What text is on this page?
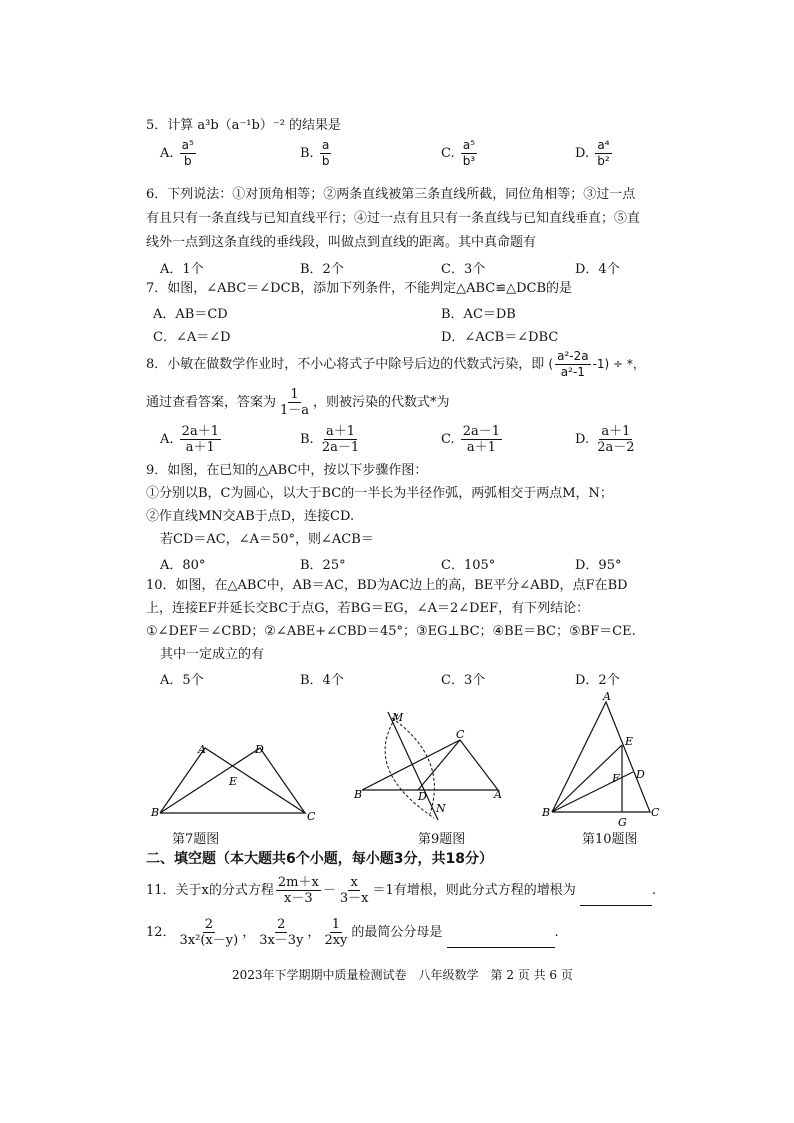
5．计算 a³b（a⁻¹b）⁻² 的结果是
A. $\frac{\text{a⁵}}{b}$	B. $\frac{a}{b}$	C. $\frac{\text{a⁵}}{\text{b³}}$	D. $\frac{\text{a⁴}}{\text{b²}}$
6．下列说法：①对顶角相等；②两条直线被第三条直线所截，同位角相等；③过一点
有且只有一条直线与已知直线平行；④过一点有且只有一条直线与已知直线垂直；⑤直
线外一点到这条直线的垂线段，叫做点到直线的距离。其中真命题有
A．1个	B．2个	C．3个	D．4个
7．如图，∠ABC＝∠DCB，添加下列条件，不能判定△ABC≌△DCB的是
A．AB＝CD	B．AC＝DB
C．∠A＝∠D	D．∠ACB＝∠DBC
8．小敏在做数学作业时，不小心将式子中除号后边的代数式污染，即 ( $\frac{\text{a²-2a}}{\text{a²-1}} -1$) ÷ *，
通过查看答案，答案为 $\frac{1}{1-a}$ ，则被污染的代数式*为
A. $\frac{2a+1}{a+1}$	B. $\frac{a+1}{2a-1}$	C. $\frac{2a-1}{a+1}$	D. $\frac{a+1}{2a-2}$
9．如图，在已知的△ABC中，按以下步骤作图：
①分别以B，C为圆心，以大于BC的一半长为半径作弧，两弧相交于两点M，N；
②作直线MN交AB于点D，连接CD.
若CD＝AC，∠A＝50°，则∠ACB＝
A．80°	B．25°	C．105°	D．95°
10．如图，在△ABC中，AB＝AC，BD为AC边上的高，BE平分∠ABD，点F在BD
上，连接EF并延长交BC于点G，若BG＝EG，∠A＝2∠DEF，有下列结论：
①∠DEF＝∠CBD；②∠ABE+∠CBD＝45°；③EG⊥BC；④BE＝BC；⑤BF＝CE.
其中一定成立的有
A．5个	B．4个	C．3个	D．2个
A	D
E
B	C
第7题图
M
C
B	D
N
A
第9题图
A
E
F D
B
G
C
第10题图
二、填空题（本大题共6个小题，每小题3分，共18分）
11．关于x的分式方程 $\frac{2m+x}{x-3} - \frac{x}{3-x} =1$有增根，则此分式方程的增根为	.
12． $\frac{2}{\text{3x²(x－y)}}$ ， $\frac{2}{3x-3y}$ ， $\frac{1}{2xy}$ 的最简公分母是	.
2023年下学期期中质量检测试卷　八年级数学　第 2 页 共 6 页
